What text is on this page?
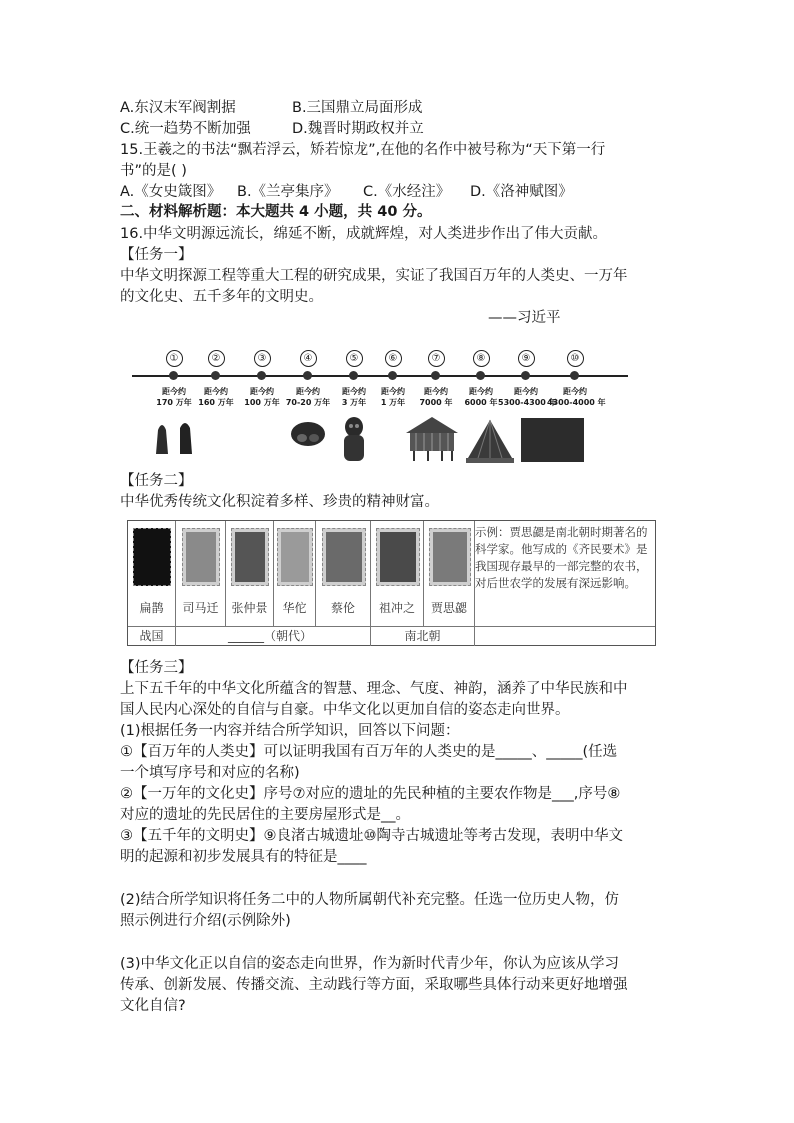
A.东汉末军阀割据	B.三国鼎立局面形成
C.统一趋势不断加强	D.魏晋时期政权并立
15.王羲之的书法“飘若浮云，矫若惊龙”,在他的名作中被号称为“天下第一行
书”的是( )
A.《女史箴图》 B.《兰亭集序》 C.《水经注》 D.《洛神赋图》
二、材料解析题：本大题共 4 小题，共 40 分。
16.中华文明源远流长，绵延不断，成就辉煌，对人类进步作出了伟大贡献。
【任务一】
中华文明探源工程等重大工程的研究成果，实证了我国百万年的人类史、一万年
的文化史、五千多年的文明史。
——习近平
①
距今约
170 万年
②
距今约
160 万年
③
距今约
100 万年
④
距今约
70-20 万年
⑤
距今约
3 万年
⑥
距今约
1 万年
⑦
距今约
7000 年
⑧
距今约
6000 年
⑨
距今约
5300-4300 年
⑩
距今约
4300-4000 年
【任务二】
中华优秀传统文化积淀着多样、珍贵的精神财富。
扁鹊	司马迁	张仲景	华佗	蔡伦	祖冲之	贾思勰
示例：贾思勰是南北朝时期著名的科学家。他写成的《齐民要术》是我国现存最早的一部完整的农书，对后世农学的发展有深远影响。
战国	______（朝代）	南北朝
【任务三】
上下五千年的中华文化所蕴含的智慧、理念、气度、神韵，涵养了中华民族和中
国人民内心深处的自信与自豪。中华文化以更加自信的姿态走向世界。
(1)根据任务一内容并结合所学知识，回答以下问题：
①【百万年的人类史】可以证明我国有百万年的人类史的是_____、_____(任选
一个填写序号和对应的名称)
②【一万年的文化史】序号⑦对应的遗址的先民种植的主要农作物是___,序号⑧
对应的遗址的先民居住的主要房屋形式是__。
③【五千年的文明史】⑨良渚古城遗址⑩陶寺古城遗址等考古发现，表明中华文
明的起源和初步发展具有的特征是____
(2)结合所学知识将任务二中的人物所属朝代补充完整。任选一位历史人物，仿
照示例进行介绍(示例除外)
(3)中华文化正以自信的姿态走向世界，作为新时代青少年，你认为应该从学习
传承、创新发展、传播交流、主动践行等方面，采取哪些具体行动来更好地增强
文化自信?
